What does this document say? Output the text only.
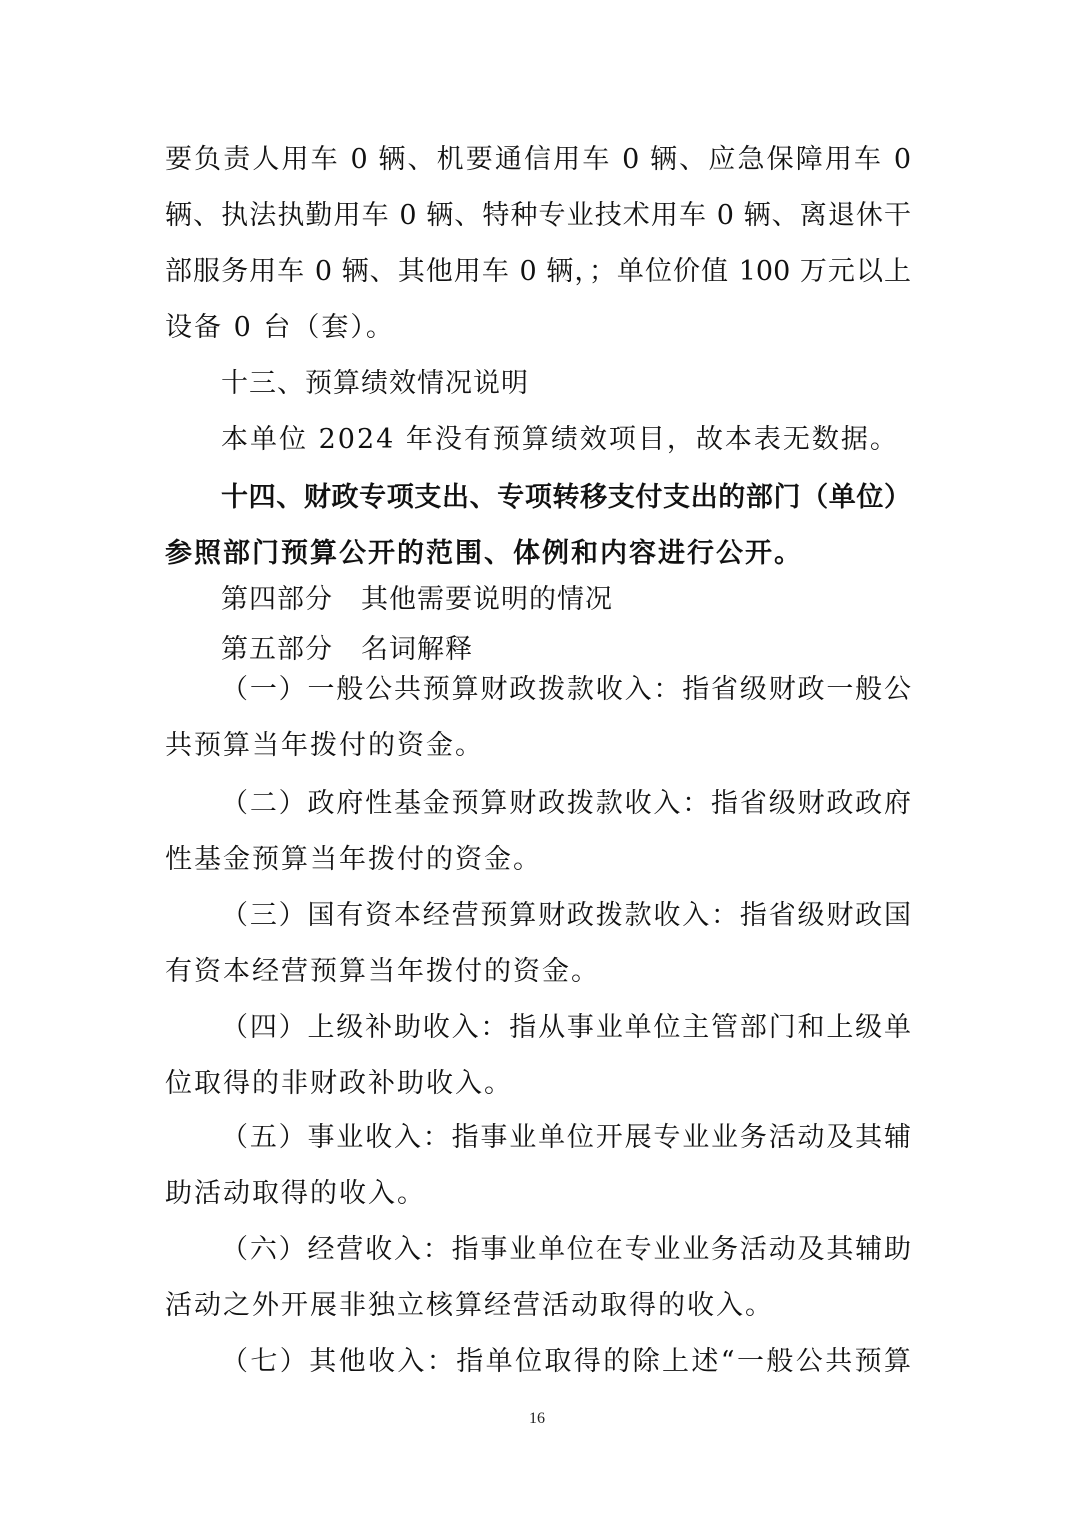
要负责人用车 0 辆、机要通信用车 0 辆、应急保障用车 0
辆、执法执勤用车 0 辆、特种专业技术用车 0 辆、离退休干
部服务用车 0 辆、其他用车 0 辆，；单位价值 100 万元以上
设备 0 台（套）。
十三、预算绩效情况说明
本单位 2024 年没有预算绩效项目，故本表无数据。
十四、财政专项支出、专项转移支付支出的部门（单位）
参照部门预算公开的范围、体例和内容进行公开。
第四部分　其他需要说明的情况
第五部分　名词解释
（一）一般公共预算财政拨款收入：指省级财政一般公
共预算当年拨付的资金。
（二）政府性基金预算财政拨款收入：指省级财政政府
性基金预算当年拨付的资金。
（三）国有资本经营预算财政拨款收入：指省级财政国
有资本经营预算当年拨付的资金。
（四）上级补助收入：指从事业单位主管部门和上级单
位取得的非财政补助收入。
（五）事业收入：指事业单位开展专业业务活动及其辅
助活动取得的收入。
（六）经营收入：指事业单位在专业业务活动及其辅助
活动之外开展非独立核算经营活动取得的收入。
（七）其他收入：指单位取得的除上述“一般公共预算
16
